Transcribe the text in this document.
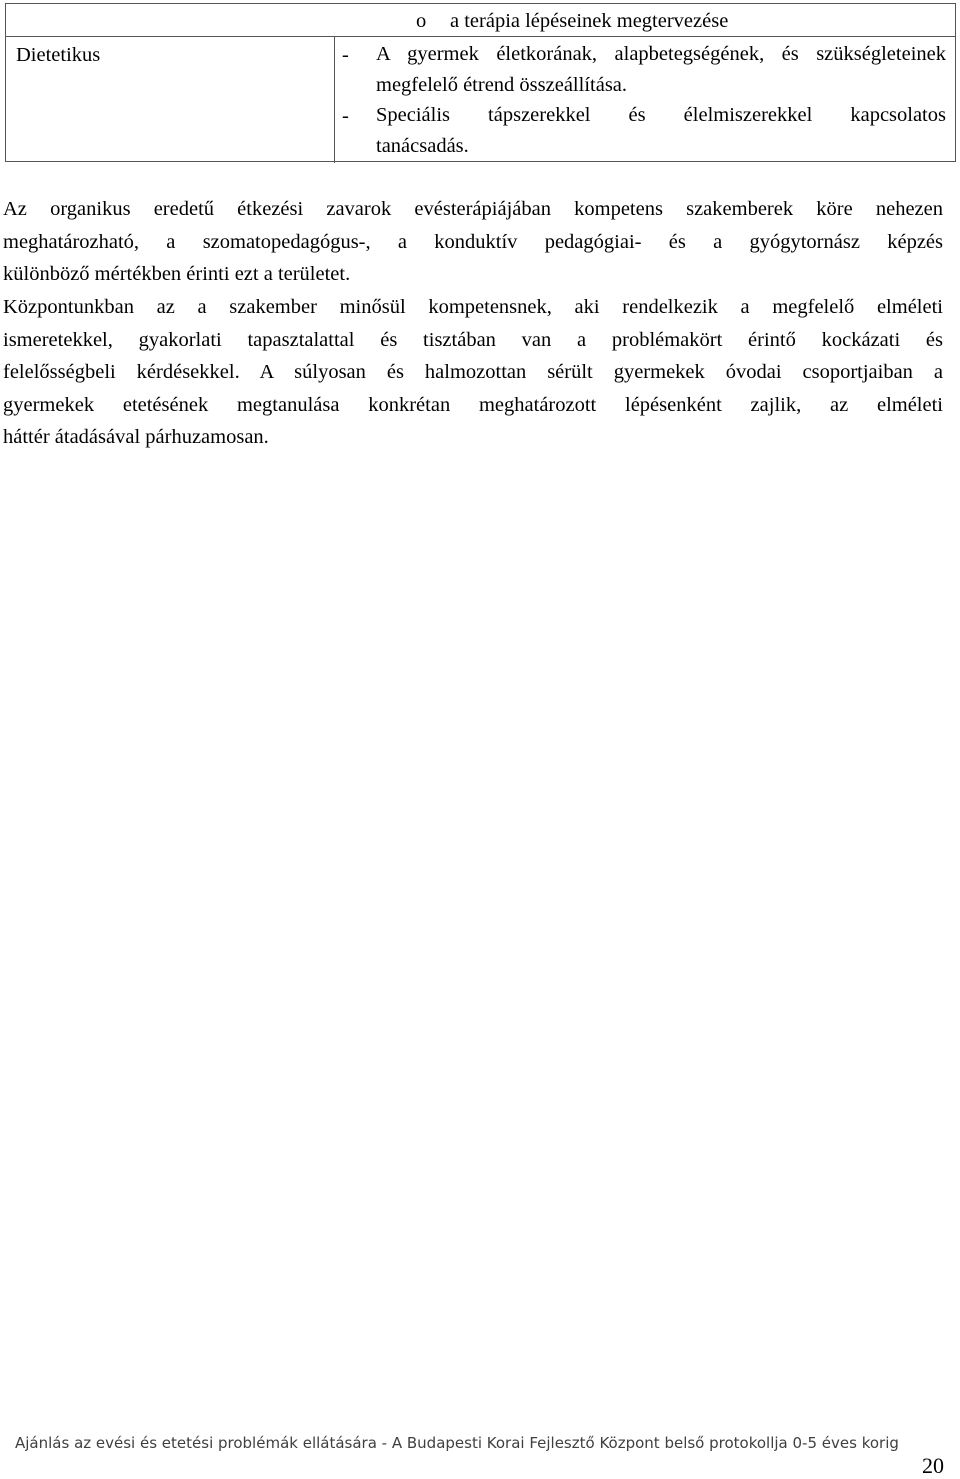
o a terápia lépéseinek megtervezése
Dietetikus	- A gyermek életkorának, alapbetegségének, és szükségleteinek
megfelelő étrend összeállítása.
- Speciális tápszerekkel és élelmiszerekkel kapcsolatos
tanácsadás.
Az organikus eredetű étkezési zavarok evésterápiájában kompetens szakemberek köre nehezen
meghatározható, a szomatopedagógus-, a konduktív pedagógiai- és a gyógytornász képzés
különböző mértékben érinti ezt a területet.
Központunkban az a szakember minősül kompetensnek, aki rendelkezik a megfelelő elméleti
ismeretekkel, gyakorlati tapasztalattal és tisztában van a problémakört érintő kockázati és
felelősségbeli kérdésekkel. A súlyosan és halmozottan sérült gyermekek óvodai csoportjaiban a
gyermekek etetésének megtanulása konkrétan meghatározott lépésenként zajlik, az elméleti
háttér átadásával párhuzamosan.
Ajánlás az evési és etetési problémák ellátására - A Budapesti Korai Fejlesztő Központ belső protokollja 0-5 éves korig
20
